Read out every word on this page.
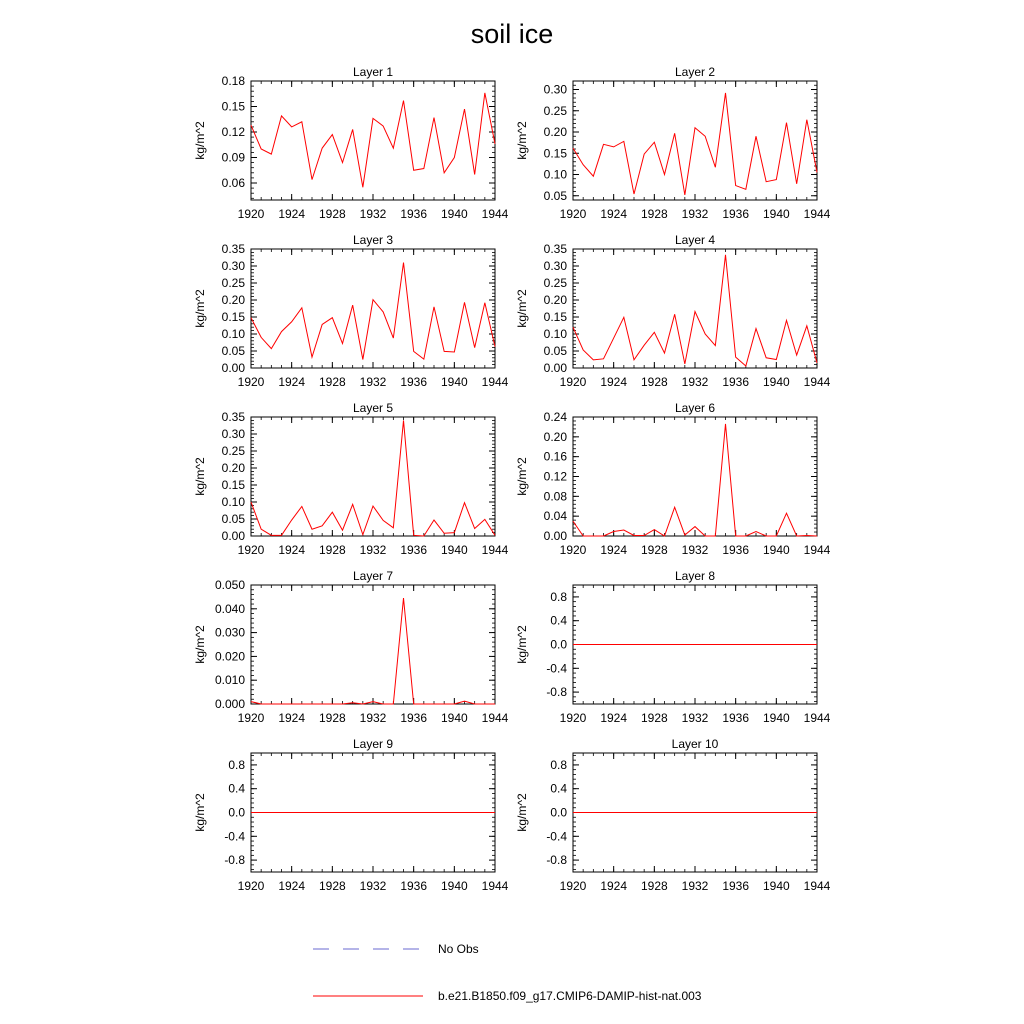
soil ice
Layer 1
kg/m^2
1920 1924 1928 1932 1936 1940 1944
0.06
0.09
0.12
0.15
0.18
Layer 2
kg/m^2
1920 1924 1928 1932 1936 1940 1944
0.05
0.10
0.15
0.20
0.25
0.30
Layer 3
kg/m^2
1920 1924 1928 1932 1936 1940 1944
0.00
0.05
0.10
0.15
0.20
0.25
0.30
0.35
Layer 4
kg/m^2
1920 1924 1928 1932 1936 1940 1944
0.00
0.05
0.10
0.15
0.20
0.25
0.30
0.35
Layer 5
kg/m^2
1920 1924 1928 1932 1936 1940 1944
0.00
0.05
0.10
0.15
0.20
0.25
0.30
0.35
Layer 6
kg/m^2
1920 1924 1928 1932 1936 1940 1944
0.00
0.04
0.08
0.12
0.16
0.20
0.24
Layer 7
kg/m^2
1920 1924 1928 1932 1936 1940 1944
0.000
0.010
0.020
0.030
0.040
0.050
Layer 8
kg/m^2
1920 1924 1928 1932 1936 1940 1944
-0.8
-0.4
0.0
0.4
0.8
Layer 9
kg/m^2
1920 1924 1928 1932 1936 1940 1944
-0.8
-0.4
0.0
0.4
0.8
Layer 10
kg/m^2
1920 1924 1928 1932 1936 1940 1944
-0.8
-0.4
0.0
0.4
0.8
No Obs
b.e21.B1850.f09_g17.CMIP6-DAMIP-hist-nat.003
